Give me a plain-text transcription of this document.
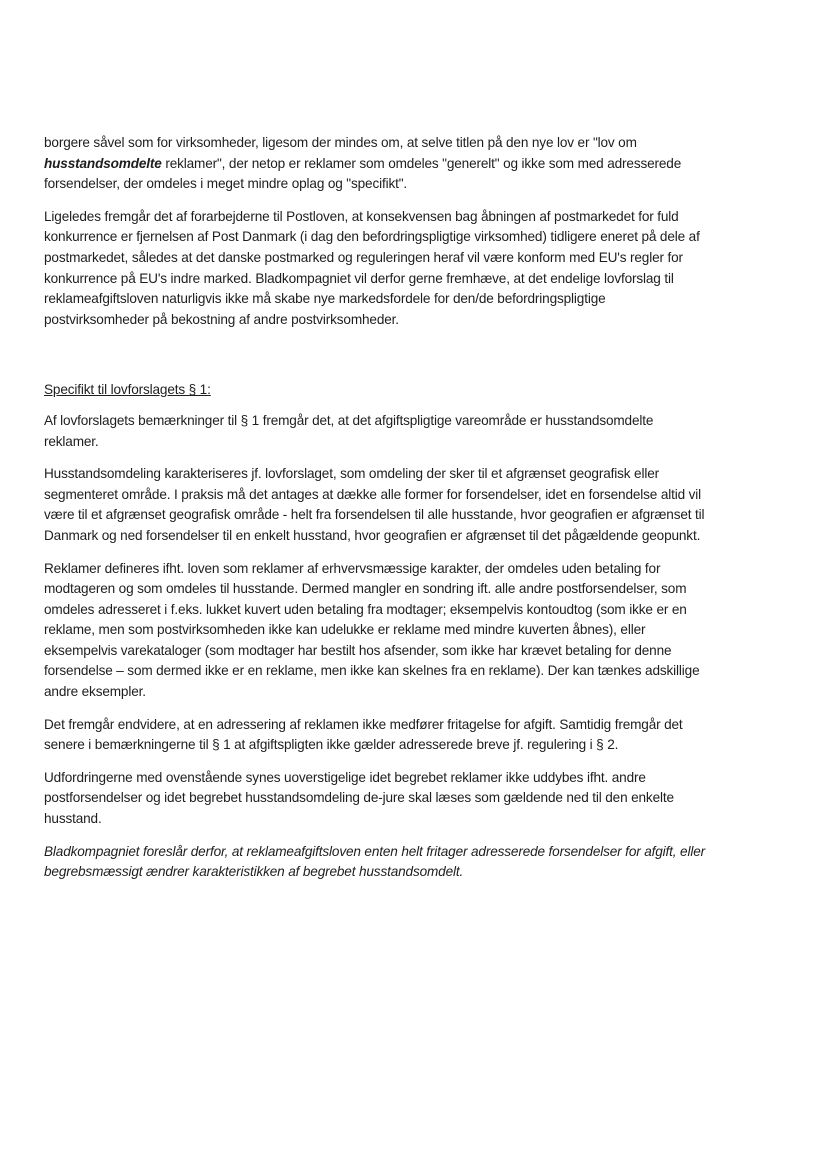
borgere såvel som for virksomheder, ligesom der mindes om, at selve titlen på den nye lov er "lov om husstandsomdelte reklamer", der netop er reklamer som omdeles "generelt" og ikke som med adresserede forsendelser, der omdeles i meget mindre oplag og "specifikt".

Ligeledes fremgår det af forarbejderne til Postloven, at konsekvensen bag åbningen af postmarkedet for fuld konkurrence er fjernelsen af Post Danmark (i dag den befordringspligtige virksomhed) tidligere eneret på dele af postmarkedet, således at det danske postmarked og reguleringen heraf vil være konform med EU's regler for konkurrence på EU's indre marked. Bladkompagniet vil derfor gerne fremhæve, at det endelige lovforslag til reklameafgiftsloven naturligvis ikke må skabe nye markedsfordele for den/de befordringspligtige postvirksomheder på bekostning af andre postvirksomheder.

Specifikt til lovforslagets § 1:

Af lovforslagets bemærkninger til § 1 fremgår det, at det afgiftspligtige vareområde er husstandsomdelte reklamer.

Husstandsomdeling karakteriseres jf. lovforslaget, som omdeling der sker til et afgrænset geografisk eller segmenteret område. I praksis må det antages at dække alle former for forsendelser, idet en forsendelse altid vil være til et afgrænset geografisk område - helt fra forsendelsen til alle husstande, hvor geografien er afgrænset til Danmark og ned forsendelser til en enkelt husstand, hvor geografien er afgrænset til det pågældende geopunkt.

Reklamer defineres ifht. loven som reklamer af erhvervsmæssige karakter, der omdeles uden betaling for modtageren og som omdeles til husstande. Dermed mangler en sondring ift. alle andre postforsendelser, som omdeles adresseret i f.eks. lukket kuvert uden betaling fra modtager; eksempelvis kontoudtog (som ikke er en reklame, men som postvirksomheden ikke kan udelukke er reklame med mindre kuverten åbnes), eller eksempelvis varekataloger (som modtager har bestilt hos afsender, som ikke har krævet betaling for denne forsendelse – som dermed ikke er en reklame, men ikke kan skelnes fra en reklame). Der kan tænkes adskillige andre eksempler.

Det fremgår endvidere, at en adressering af reklamen ikke medfører fritagelse for afgift. Samtidig fremgår det senere i bemærkningerne til § 1 at afgiftspligten ikke gælder adresserede breve jf. regulering i § 2.

Udfordringerne med ovenstående synes uoverstigelige idet begrebet reklamer ikke uddybes ifht. andre postforsendelser og idet begrebet husstandsomdeling de-jure skal læses som gældende ned til den enkelte husstand.

Bladkompagniet foreslår derfor, at reklameafgiftsloven enten helt fritager adresserede forsendelser for afgift, eller begrebsmæssigt ændrer karakteristikken af begrebet husstandsomdelt.
